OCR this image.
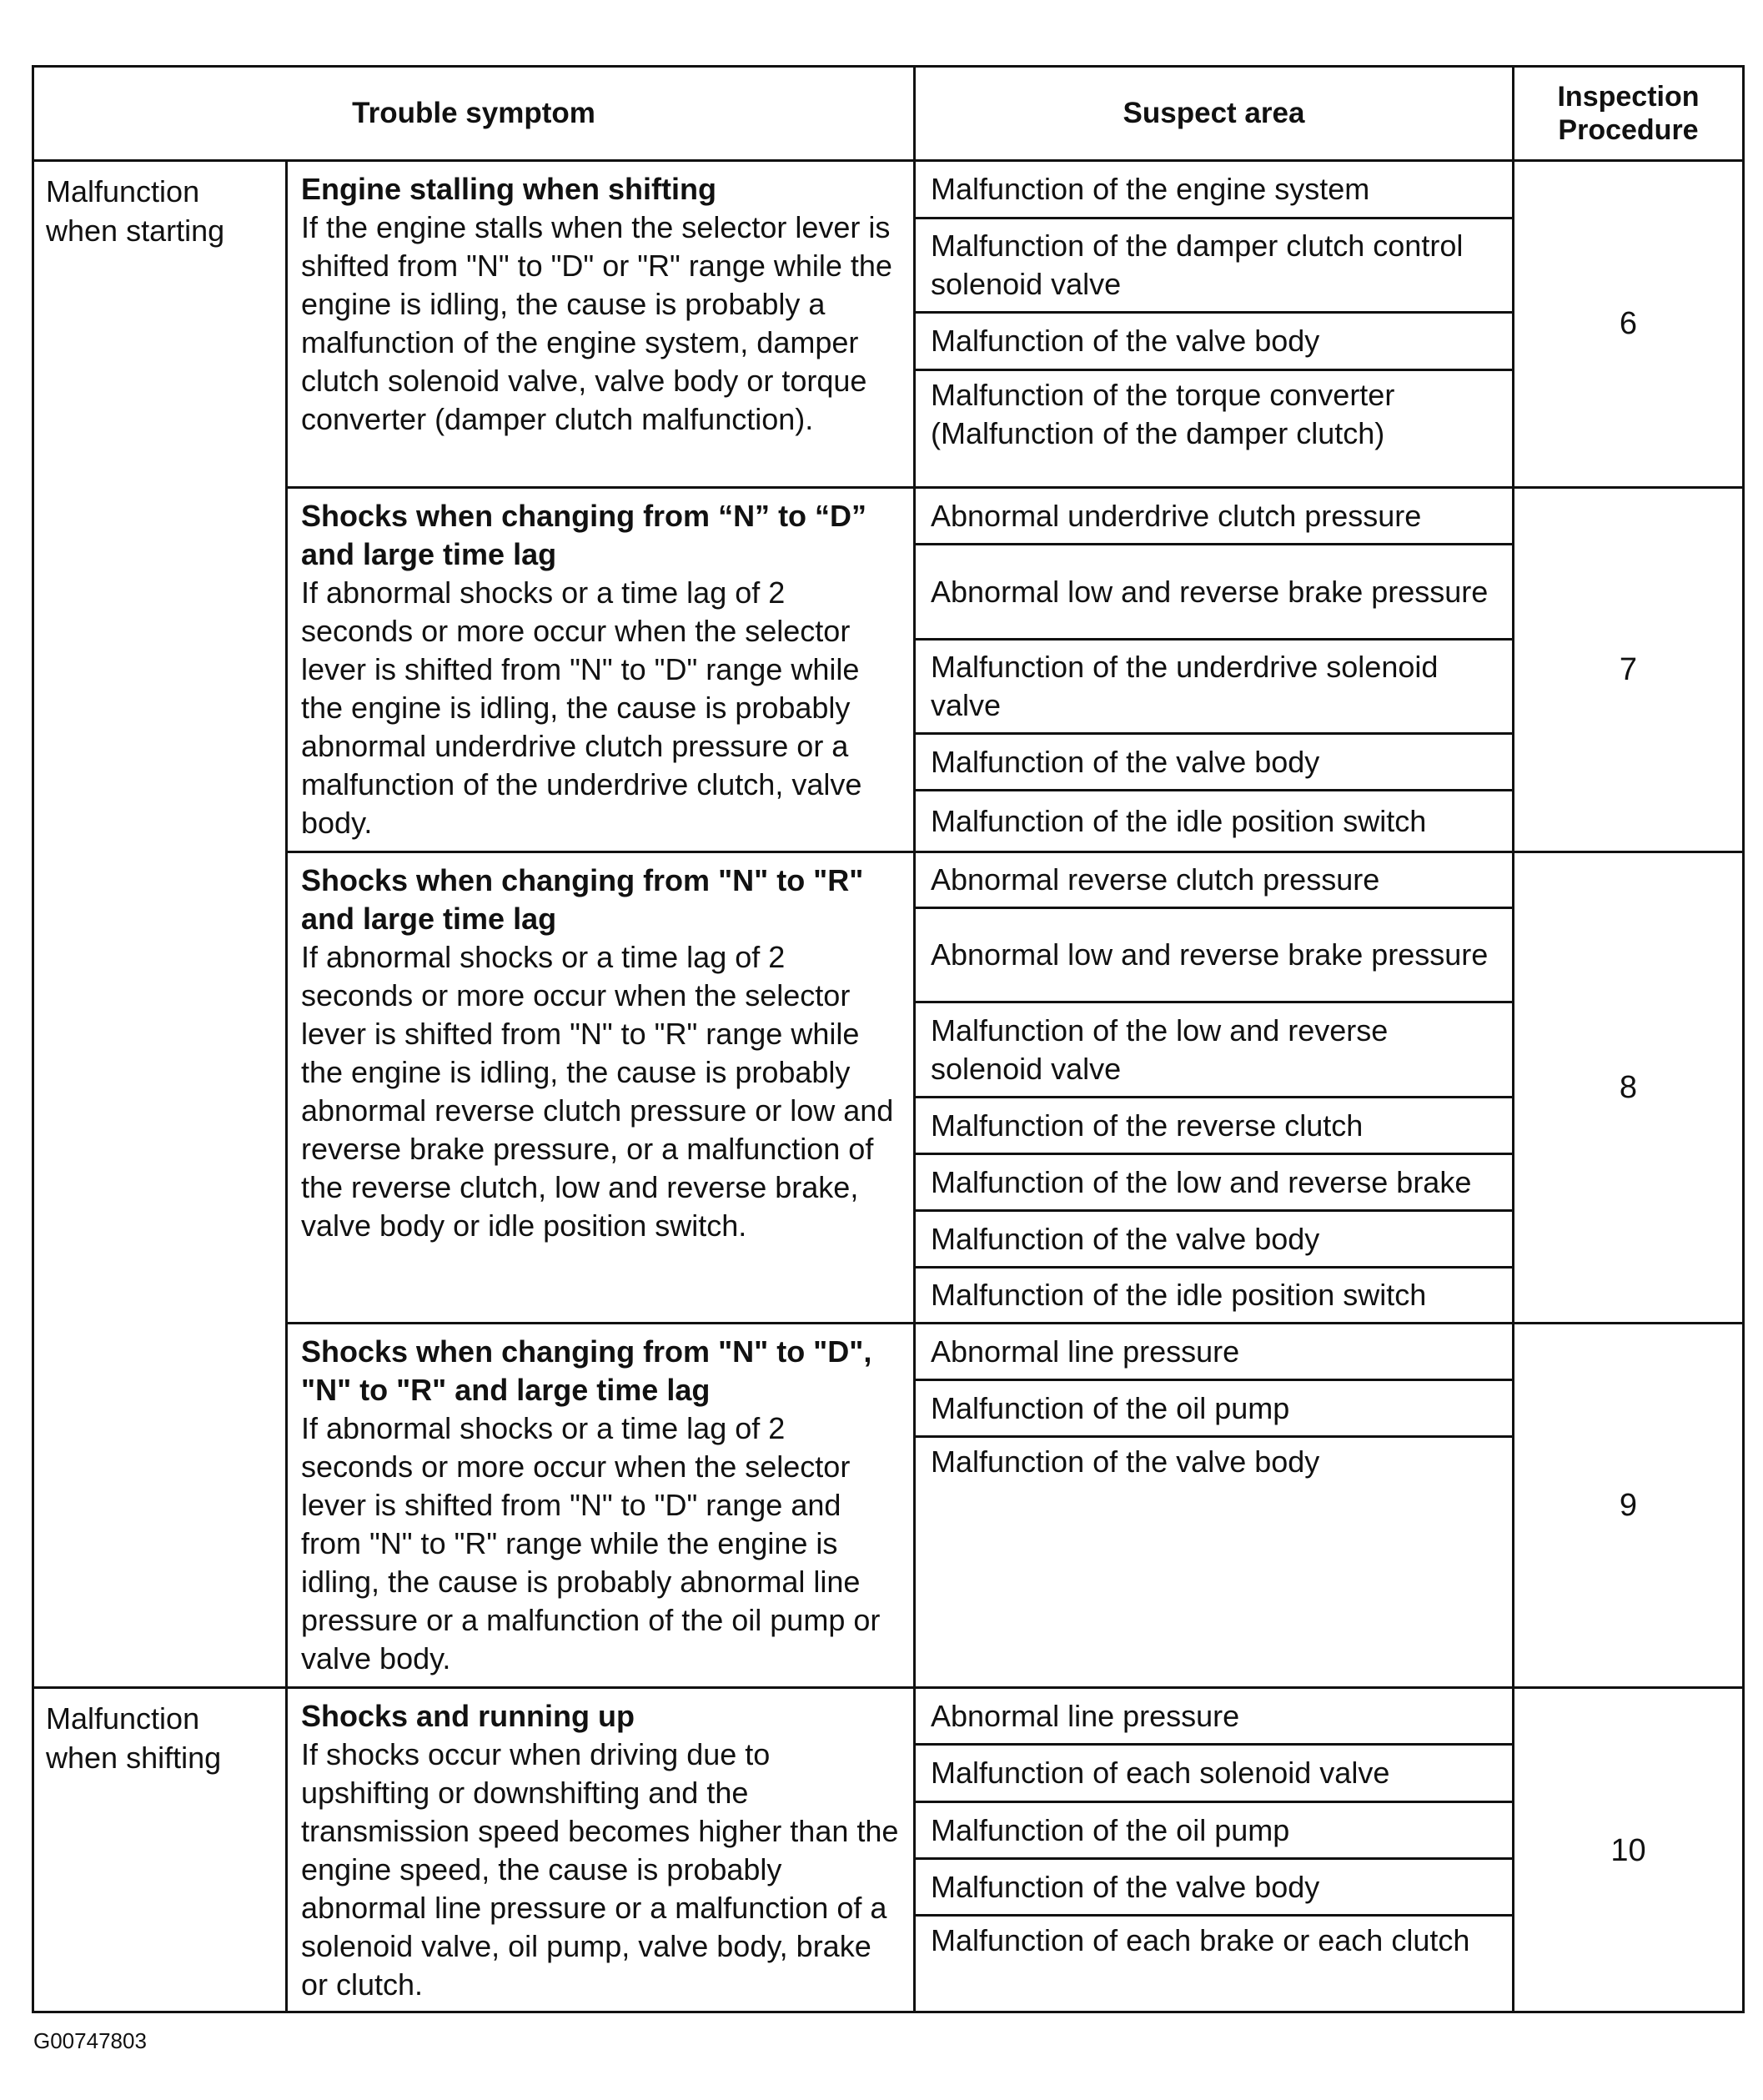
Trouble symptom	Suspect area	Inspection Procedure
Malfunction when starting
Malfunction when shifting
Engine stalling when shifting
If the engine stalls when the selector lever is shifted from "N" to "D" or "R" range while the engine is idling, the cause is probably a malfunction of the engine system, damper clutch solenoid valve, valve body or torque converter (damper clutch malfunction).
Malfunction of the engine system
Malfunction of the damper clutch control solenoid valve
Malfunction of the valve body
Malfunction of the torque converter (Malfunction of the damper clutch)
6
Shocks when changing from “N” to “D” and large time lag
If abnormal shocks or a time lag of 2 seconds or more occur when the selector lever is shifted from "N" to "D" range while the engine is idling, the cause is probably abnormal underdrive clutch pressure or a malfunction of the underdrive clutch, valve body.
Abnormal underdrive clutch pressure
Abnormal low and reverse brake pressure
Malfunction of the underdrive solenoid valve
Malfunction of the valve body
Malfunction of the idle position switch
7
Shocks when changing from "N" to "R" and large time lag
If abnormal shocks or a time lag of 2 seconds or more occur when the selector lever is shifted from "N" to "R" range while the engine is idling, the cause is probably abnormal reverse clutch pressure or low and reverse brake pressure, or a malfunction of the reverse clutch, low and reverse brake, valve body or idle position switch.
Abnormal reverse clutch pressure
Abnormal low and reverse brake pressure
Malfunction of the low and reverse solenoid valve
Malfunction of the reverse clutch
Malfunction of the low and reverse brake
Malfunction of the valve body
Malfunction of the idle position switch
8
Shocks when changing from "N" to "D", "N" to "R" and large time lag
If abnormal shocks or a time lag of 2 seconds or more occur when the selector lever is shifted from "N" to "D" range and from "N" to "R" range while the engine is idling, the cause is probably abnormal line pressure or a malfunction of the oil pump or valve body.
Abnormal line pressure
Malfunction of the oil pump
Malfunction of the valve body
9
Shocks and running up
If shocks occur when driving due to upshifting or downshifting and the transmission speed becomes higher than the engine speed, the cause is probably abnormal line pressure or a malfunction of a solenoid valve, oil pump, valve body, brake or clutch.
Abnormal line pressure
Malfunction of each solenoid valve
Malfunction of the oil pump
Malfunction of the valve body
Malfunction of each brake or each clutch
10
G00747803
